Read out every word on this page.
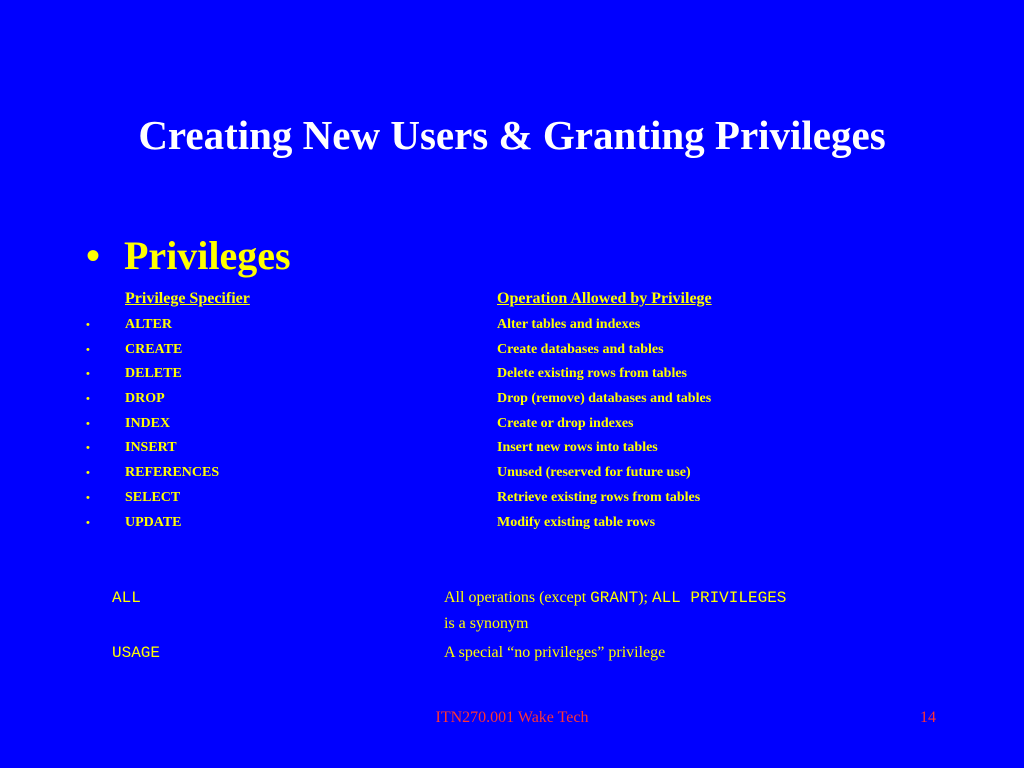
Creating New Users & Granting Privileges
• Privileges
Privilege Specifier	Operation Allowed by Privilege
•	ALTER	Alter tables and indexes
•	CREATE	Create databases and tables
•	DELETE	Delete existing rows from tables
•	DROP	Drop (remove) databases and tables
•	INDEX	Create or drop indexes
•	INSERT	Insert new rows into tables
•	REFERENCES	Unused (reserved for future use)
•	SELECT	Retrieve existing rows from tables
•	UPDATE	Modify existing table rows
ALL	All operations (except GRANT); ALL PRIVILEGES
is a synonym
USAGE	A special “no privileges” privilege
ITN270.001 Wake Tech	14
